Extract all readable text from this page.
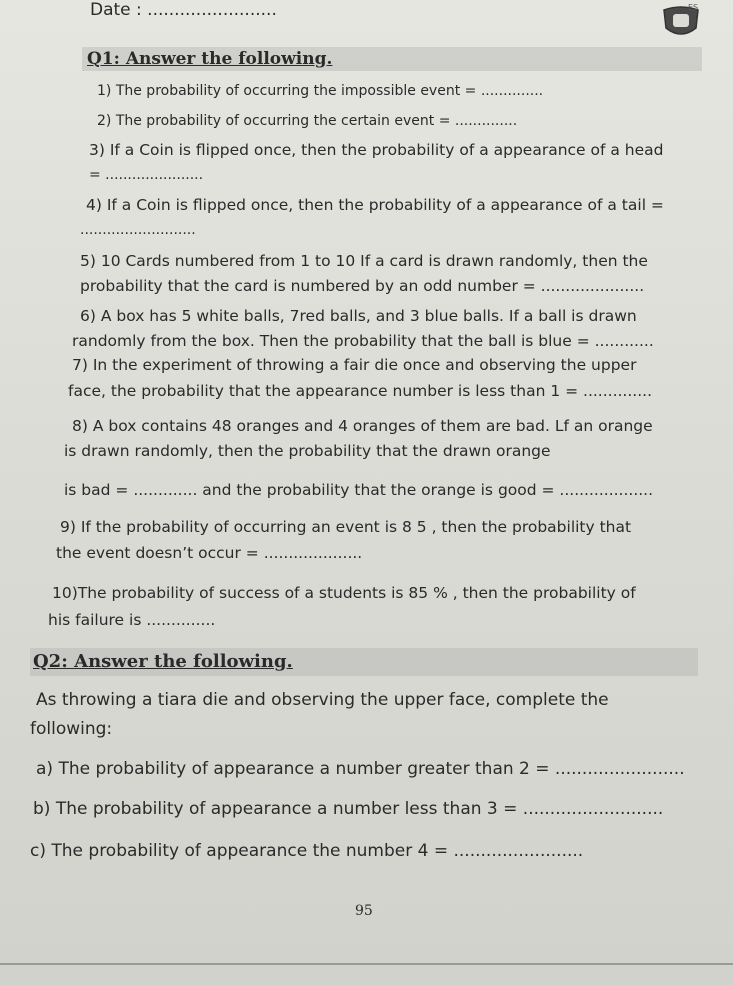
Date : ........................	ES
Q1: Answer the following.
1) The probability of occurring the impossible event = ..............
2) The probability of occurring the certain event = ..............
3) If a Coin is flipped once, then the probability of a appearance of a head
= ......................
4) If a Coin is flipped once, then the probability of a appearance of a tail =
..........................
5) 10 Cards numbered from 1 to 10 If a card is drawn randomly, then the
probability that the card is numbered by an odd number = .....................
6) A box has 5 white balls, 7red balls, and 3 blue balls. If a ball is drawn
randomly from the box. Then the probability that the ball is blue = ............
7) In the experiment of throwing a fair die once and observing the upper
face, the probability that the appearance number is less than 1 = ..............
8) A box contains 48 oranges and 4 oranges of them are bad. Lf an orange
is drawn randomly, then the probability that the drawn orange
is bad = ............. and the probability that the orange is good = ...................
9) If the probability of occurring an event is 8 5 , then the probability that
the event doesn’t occur = ....................
10)The probability of success of a students is 85 % , then the probability of
his failure is ..............
Q2: Answer the following.
As throwing a tiara die and observing the upper face, complete the
following:
a) The probability of appearance a number greater than 2 = ........................
b) The probability of appearance a number less than 3 = ..........................
c) The probability of appearance the number 4 = ........................
95
